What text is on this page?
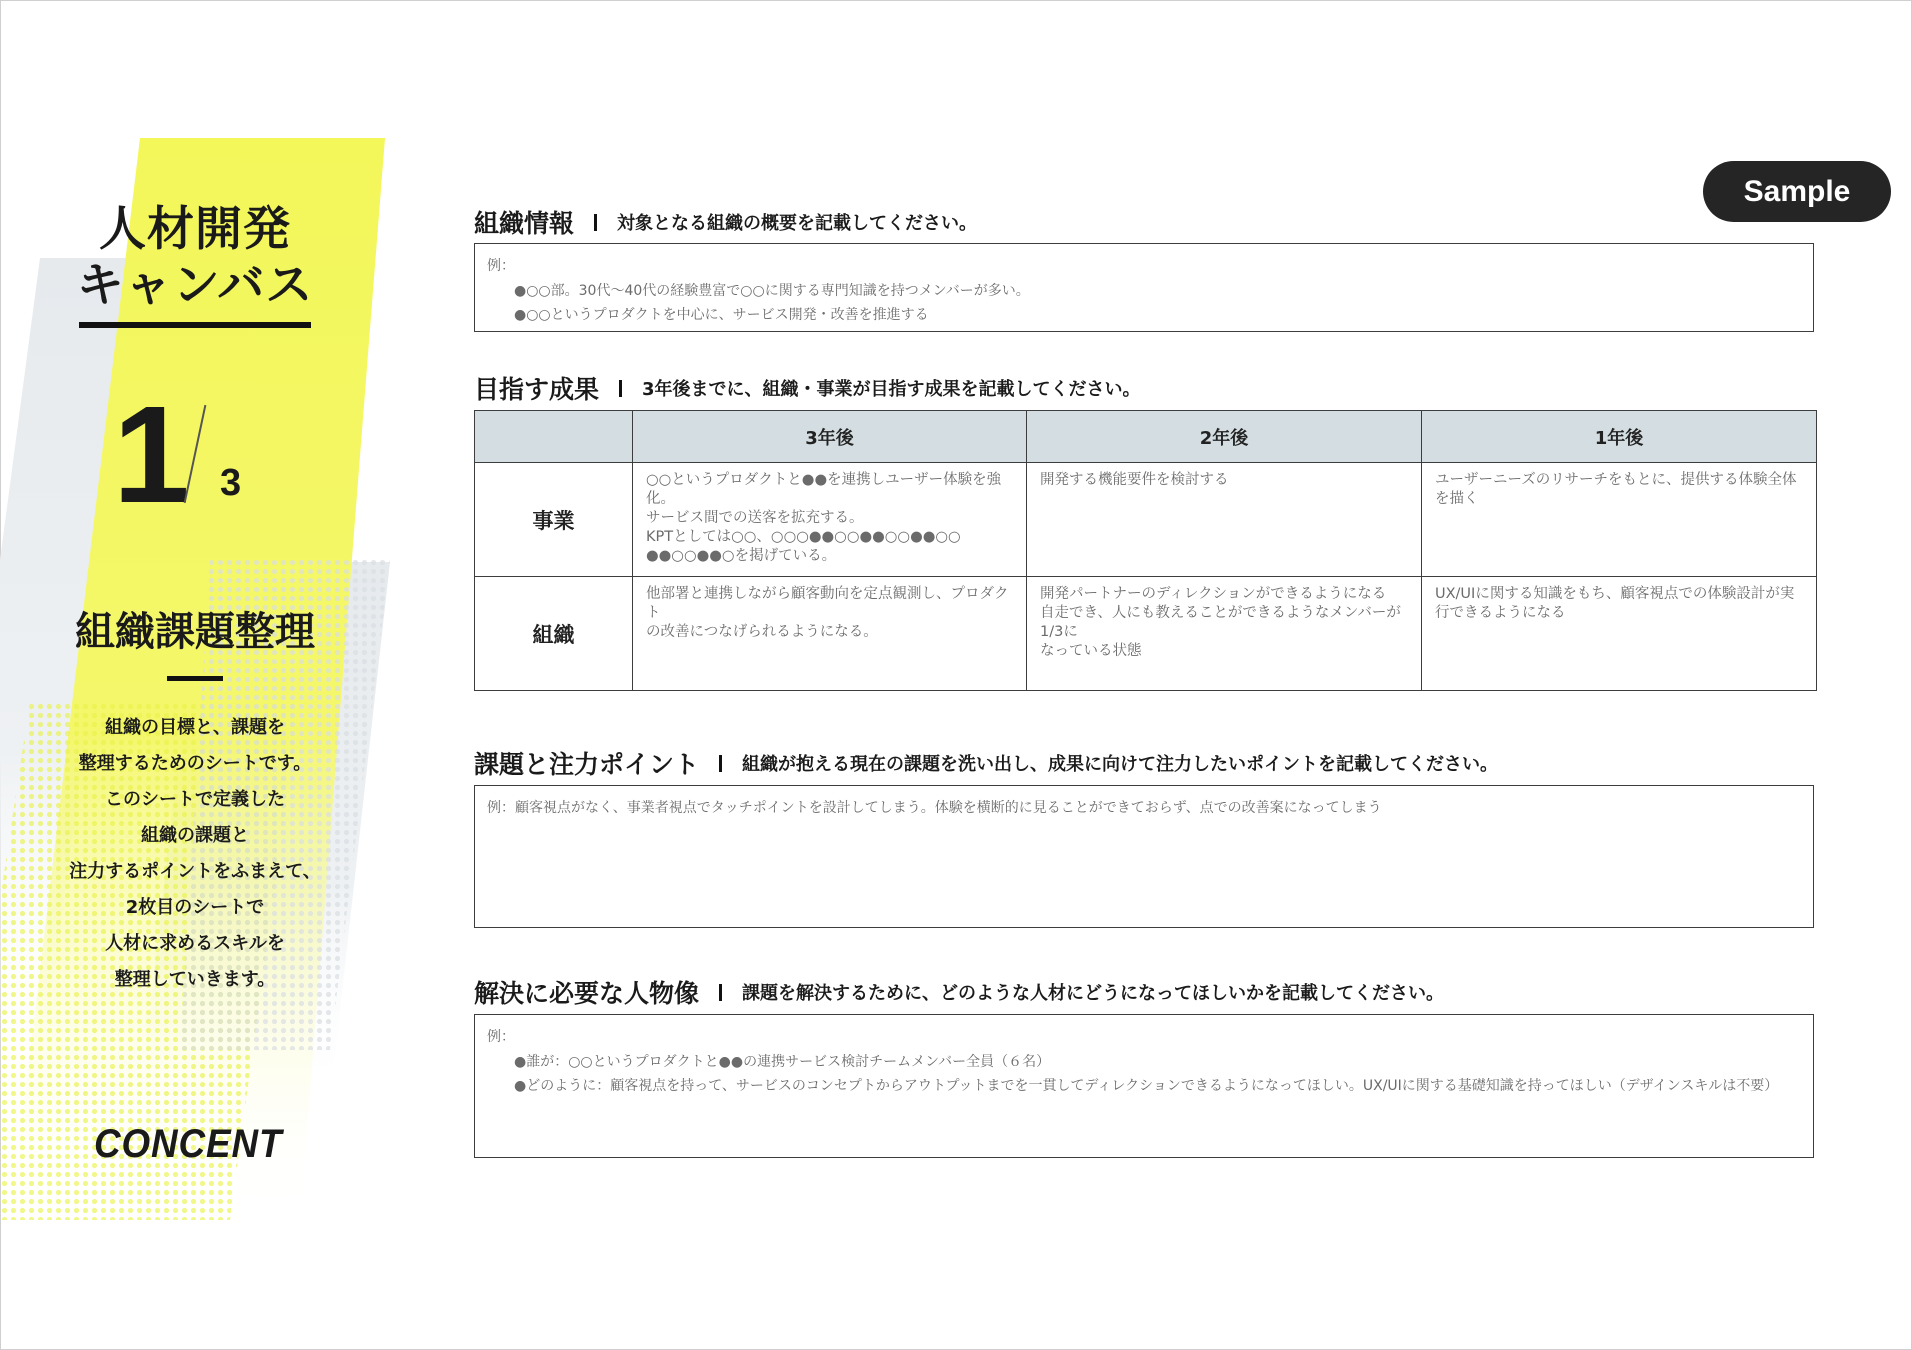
人材開発
キャンバス
1 3
組織課題整理
組織の目標と、課題を
整理するためのシートです。
このシートで定義した
組織の課題と
注力するポイントをふまえて、
2枚目のシートで
人材に求めるスキルを
整理していきます。
CONCENT
Sample
組織情報 対象となる組織の概要を記載してください。
例：
●○○部。30代〜40代の経験豊富で○○に関する専門知識を持つメンバーが多い。
●○○というプロダクトを中心に、サービス開発・改善を推進する
目指す成果 3年後までに、組織・事業が目指す成果を記載してください。
	3年後	2年後	1年後
事業	○○というプロダクトと●●を連携しユーザー体験を強化。
サービス間での送客を拡充する。
KPTとしては○○、○○○●●○○●●○○●●○○
●●○○●●○を掲げている。	開発する機能要件を検討する	ユーザーニーズのリサーチをもとに、提供する体験全体を描く
組織	他部署と連携しながら顧客動向を定点観測し、プロダクト
の改善につなげられるようになる。	開発パートナーのディレクションができるようになる
自走でき、人にも教えることができるようなメンバーが1/3に
なっている状態	UX/UIに関する知識をもち、顧客視点での体験設計が実
行できるようになる
課題と注力ポイント 組織が抱える現在の課題を洗い出し、成果に向けて注力したいポイントを記載してください。
例：顧客視点がなく、事業者視点でタッチポイントを設計してしまう。体験を横断的に見ることができておらず、点での改善案になってしまう
解決に必要な人物像 課題を解決するために、どのような人材にどうになってほしいかを記載してください。
例：
●誰が：○○というプロダクトと●●の連携サービス検討チームメンバー全員（６名）
●どのように：顧客視点を持って、サービスのコンセプトからアウトプットまでを一貫してディレクションできるようになってほしい。UX/UIに関する基礎知識を持ってほしい（デザインスキルは不要）
